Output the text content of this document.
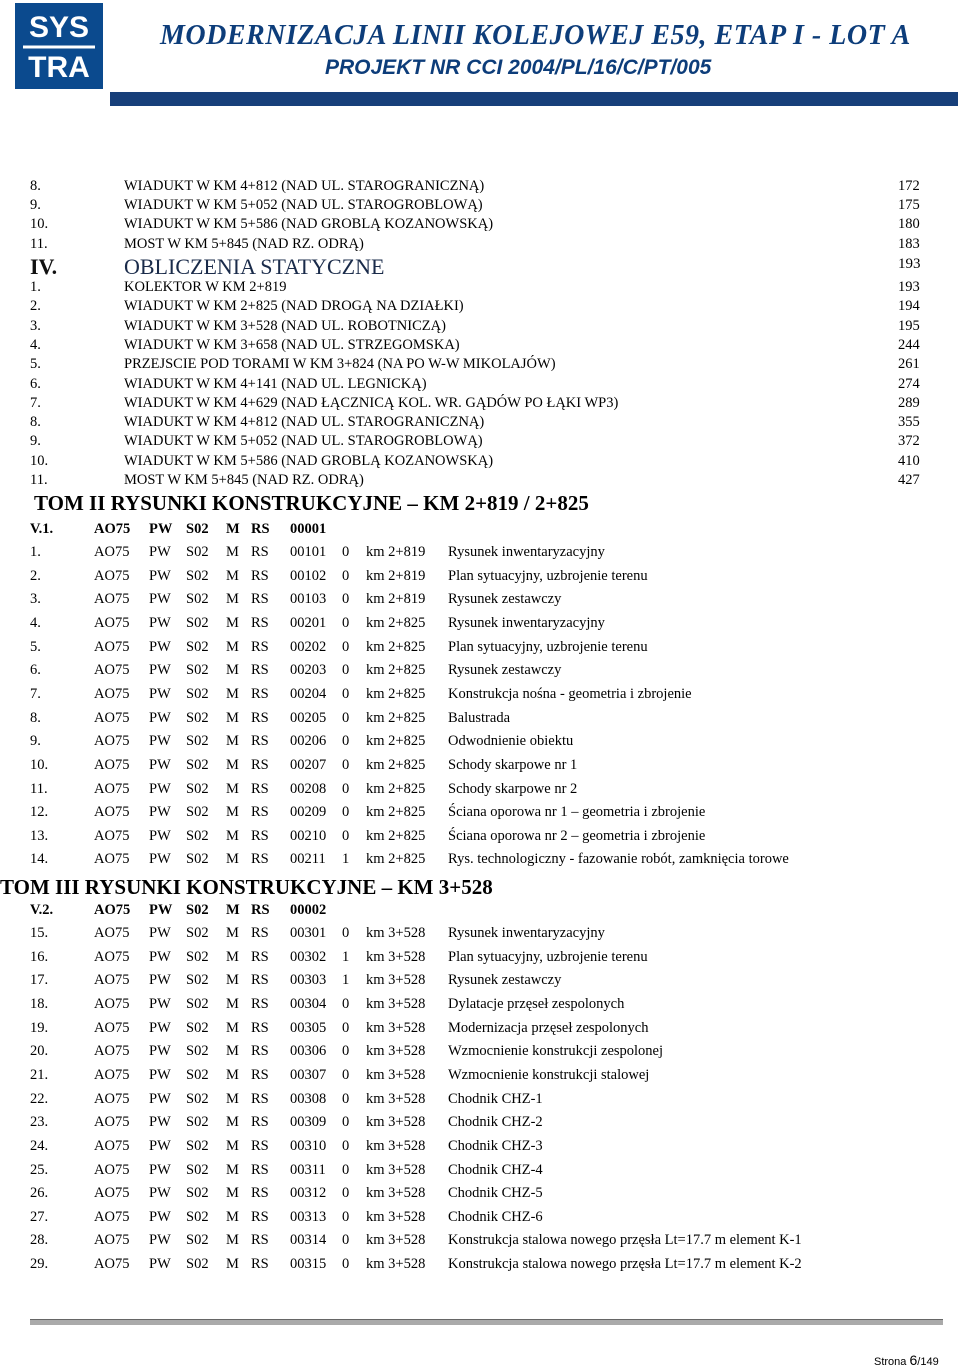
SYS
TRA
MODERNIZACJA LINII KOLEJOWEJ E59, ETAP I - LOT A
PROJEKT NR CCI 2004/PL/16/C/PT/005
8.	WIADUKT W KM 4+812 (NAD UL. STAROGRANICZNĄ)	172
9.	WIADUKT W KM 5+052 (NAD UL. STAROGROBLOWĄ)	175
10.	WIADUKT W KM 5+586 (NAD GROBLĄ KOZANOWSKĄ)	180
11.	MOST W KM 5+845 (NAD RZ. ODRĄ)	183
IV.	OBLICZENIA STATYCZNE	193
1.	KOLEKTOR W KM 2+819	193
2.	WIADUKT W KM 2+825 (NAD DROGĄ NA DZIAŁKI)	194
3.	WIADUKT W KM 3+528 (NAD UL. ROBOTNICZĄ)	195
4.	WIADUKT W KM 3+658 (NAD UL. STRZEGOMSKA)	244
5.	PRZEJSCIE POD TORAMI W KM 3+824 (NA PO W-W MIKOLAJÓW)	261
6.	WIADUKT W KM 4+141 (NAD UL. LEGNICKĄ)	274
7.	WIADUKT W KM 4+629 (NAD ŁĄCZNICĄ KOL. WR. GĄDÓW PO ŁĄKI WP3)	289
8.	WIADUKT W KM 4+812 (NAD UL. STAROGRANICZNĄ)	355
9.	WIADUKT W KM 5+052 (NAD UL. STAROGROBLOWĄ)	372
10.	WIADUKT W KM 5+586 (NAD GROBLĄ KOZANOWSKĄ)	410
11.	MOST W KM 5+845 (NAD RZ. ODRĄ)	427
TOM II RYSUNKI KONSTRUKCYJNE – KM 2+819 / 2+825
V.1.	AO75 PW S02 M RS 00001
1.	AO75 PW S02 M RS 00101 0 km 2+819 Rysunek inwentaryzacyjny
2.	AO75 PW S02 M RS 00102 0 km 2+819 Plan sytuacyjny, uzbrojenie terenu
3.	AO75 PW S02 M RS 00103 0 km 2+819 Rysunek zestawczy
4.	AO75 PW S02 M RS 00201 0 km 2+825 Rysunek inwentaryzacyjny
5.	AO75 PW S02 M RS 00202 0 km 2+825 Plan sytuacyjny, uzbrojenie terenu
6.	AO75 PW S02 M RS 00203 0 km 2+825 Rysunek zestawczy
7.	AO75 PW S02 M RS 00204 0 km 2+825 Konstrukcja nośna - geometria i zbrojenie
8.	AO75 PW S02 M RS 00205 0 km 2+825 Balustrada
9.	AO75 PW S02 M RS 00206 0 km 2+825 Odwodnienie obiektu
10.	AO75 PW S02 M RS 00207 0 km 2+825 Schody skarpowe nr 1
11.	AO75 PW S02 M RS 00208 0 km 2+825 Schody skarpowe nr 2
12.	AO75 PW S02 M RS 00209 0 km 2+825 Ściana oporowa nr 1 – geometria i zbrojenie
13.	AO75 PW S02 M RS 00210 0 km 2+825 Ściana oporowa nr 2 – geometria i zbrojenie
14.	AO75 PW S02 M RS 00211 1 km 2+825 Rys. technologiczny - fazowanie robót, zamknięcia torowe
TOM III RYSUNKI KONSTRUKCYJNE – KM 3+528
V.2.	AO75 PW S02 M RS 00002
15.	AO75 PW S02 M RS 00301 0 km 3+528 Rysunek inwentaryzacyjny
16.	AO75 PW S02 M RS 00302 1 km 3+528 Plan sytuacyjny, uzbrojenie terenu
17.	AO75 PW S02 M RS 00303 1 km 3+528 Rysunek zestawczy
18.	AO75 PW S02 M RS 00304 0 km 3+528 Dylatacje przęseł zespolonych
19.	AO75 PW S02 M RS 00305 0 km 3+528 Modernizacja przęseł zespolonych
20.	AO75 PW S02 M RS 00306 0 km 3+528 Wzmocnienie konstrukcji zespolonej
21.	AO75 PW S02 M RS 00307 0 km 3+528 Wzmocnienie konstrukcji stalowej
22.	AO75 PW S02 M RS 00308 0 km 3+528 Chodnik CHZ-1
23.	AO75 PW S02 M RS 00309 0 km 3+528 Chodnik CHZ-2
24.	AO75 PW S02 M RS 00310 0 km 3+528 Chodnik CHZ-3
25.	AO75 PW S02 M RS 00311 0 km 3+528 Chodnik CHZ-4
26.	AO75 PW S02 M RS 00312 0 km 3+528 Chodnik CHZ-5
27.	AO75 PW S02 M RS 00313 0 km 3+528 Chodnik CHZ-6
28.	AO75 PW S02 M RS 00314 0 km 3+528 Konstrukcja stalowa nowego przęsła Lt=17.7 m element K-1
29.	AO75 PW S02 M RS 00315 0 km 3+528 Konstrukcja stalowa nowego przęsła Lt=17.7 m element K-2
Strona 6/149
